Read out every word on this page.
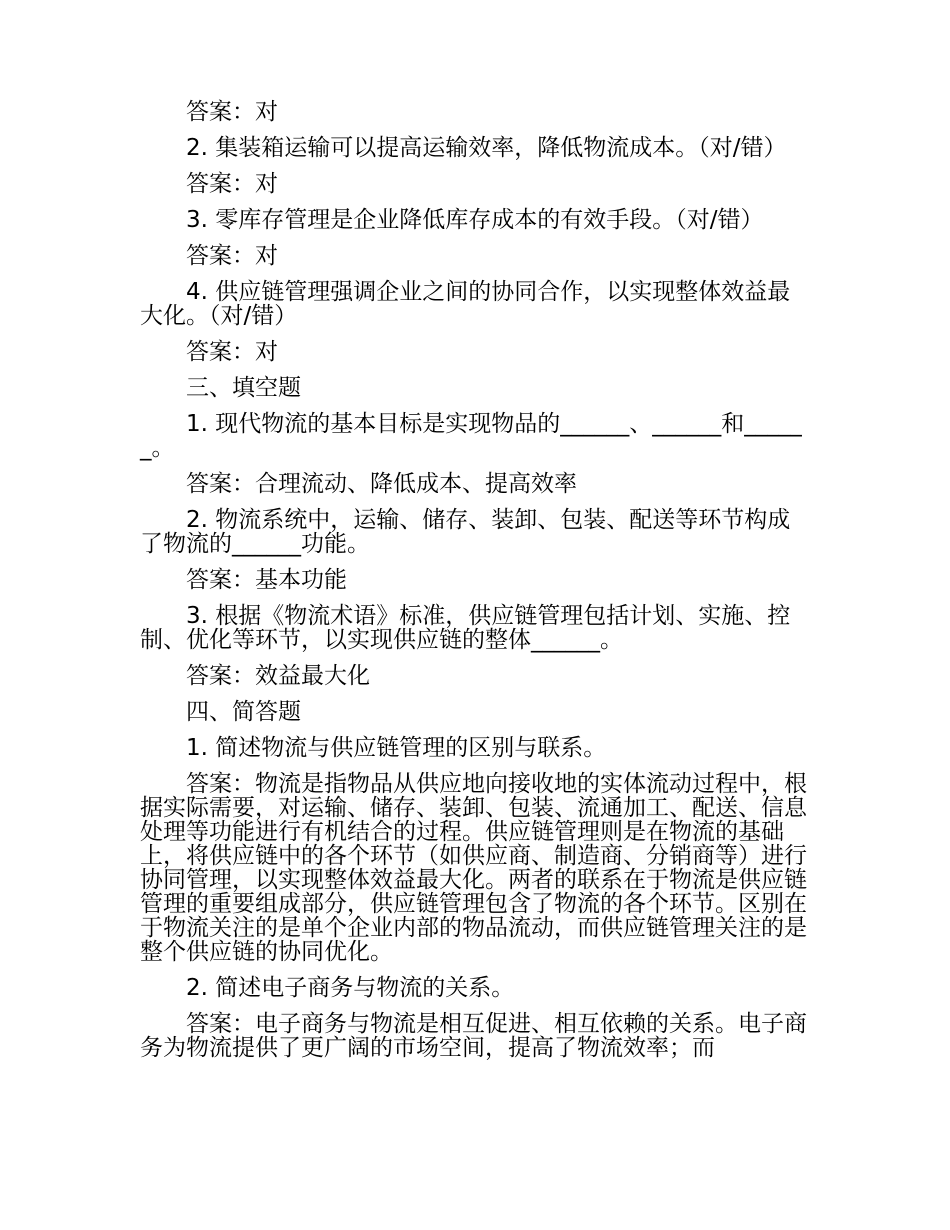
答案：对

2. 集装箱运输可以提高运输效率，降低物流成本。（对/错）

答案：对

3. 零库存管理是企业降低库存成本的有效手段。（对/错）

答案：对

4. 供应链管理强调企业之间的协同合作，以实现整体效益最大化。（对/错）

答案：对

三、填空题

1. 现代物流的基本目标是实现物品的______、______和______。

答案：合理流动、降低成本、提高效率

2. 物流系统中，运输、储存、装卸、包装、配送等环节构成了物流的______功能。

答案：基本功能

3. 根据《物流术语》标准，供应链管理包括计划、实施、控制、优化等环节，以实现供应链的整体______。

答案：效益最大化

四、简答题

1. 简述物流与供应链管理的区别与联系。

答案：物流是指物品从供应地向接收地的实体流动过程中，根据实际需要，对运输、储存、装卸、包装、流通加工、配送、信息处理等功能进行有机结合的过程。供应链管理则是在物流的基础上，将供应链中的各个环节（如供应商、制造商、分销商等）进行协同管理，以实现整体效益最大化。两者的联系在于物流是供应链管理的重要组成部分，供应链管理包含了物流的各个环节。区别在于物流关注的是单个企业内部的物品流动，而供应链管理关注的是整个供应链的协同优化。

2. 简述电子商务与物流的关系。

答案：电子商务与物流是相互促进、相互依赖的关系。电子商务为物流提供了更广阔的市场空间，提高了物流效率；而
